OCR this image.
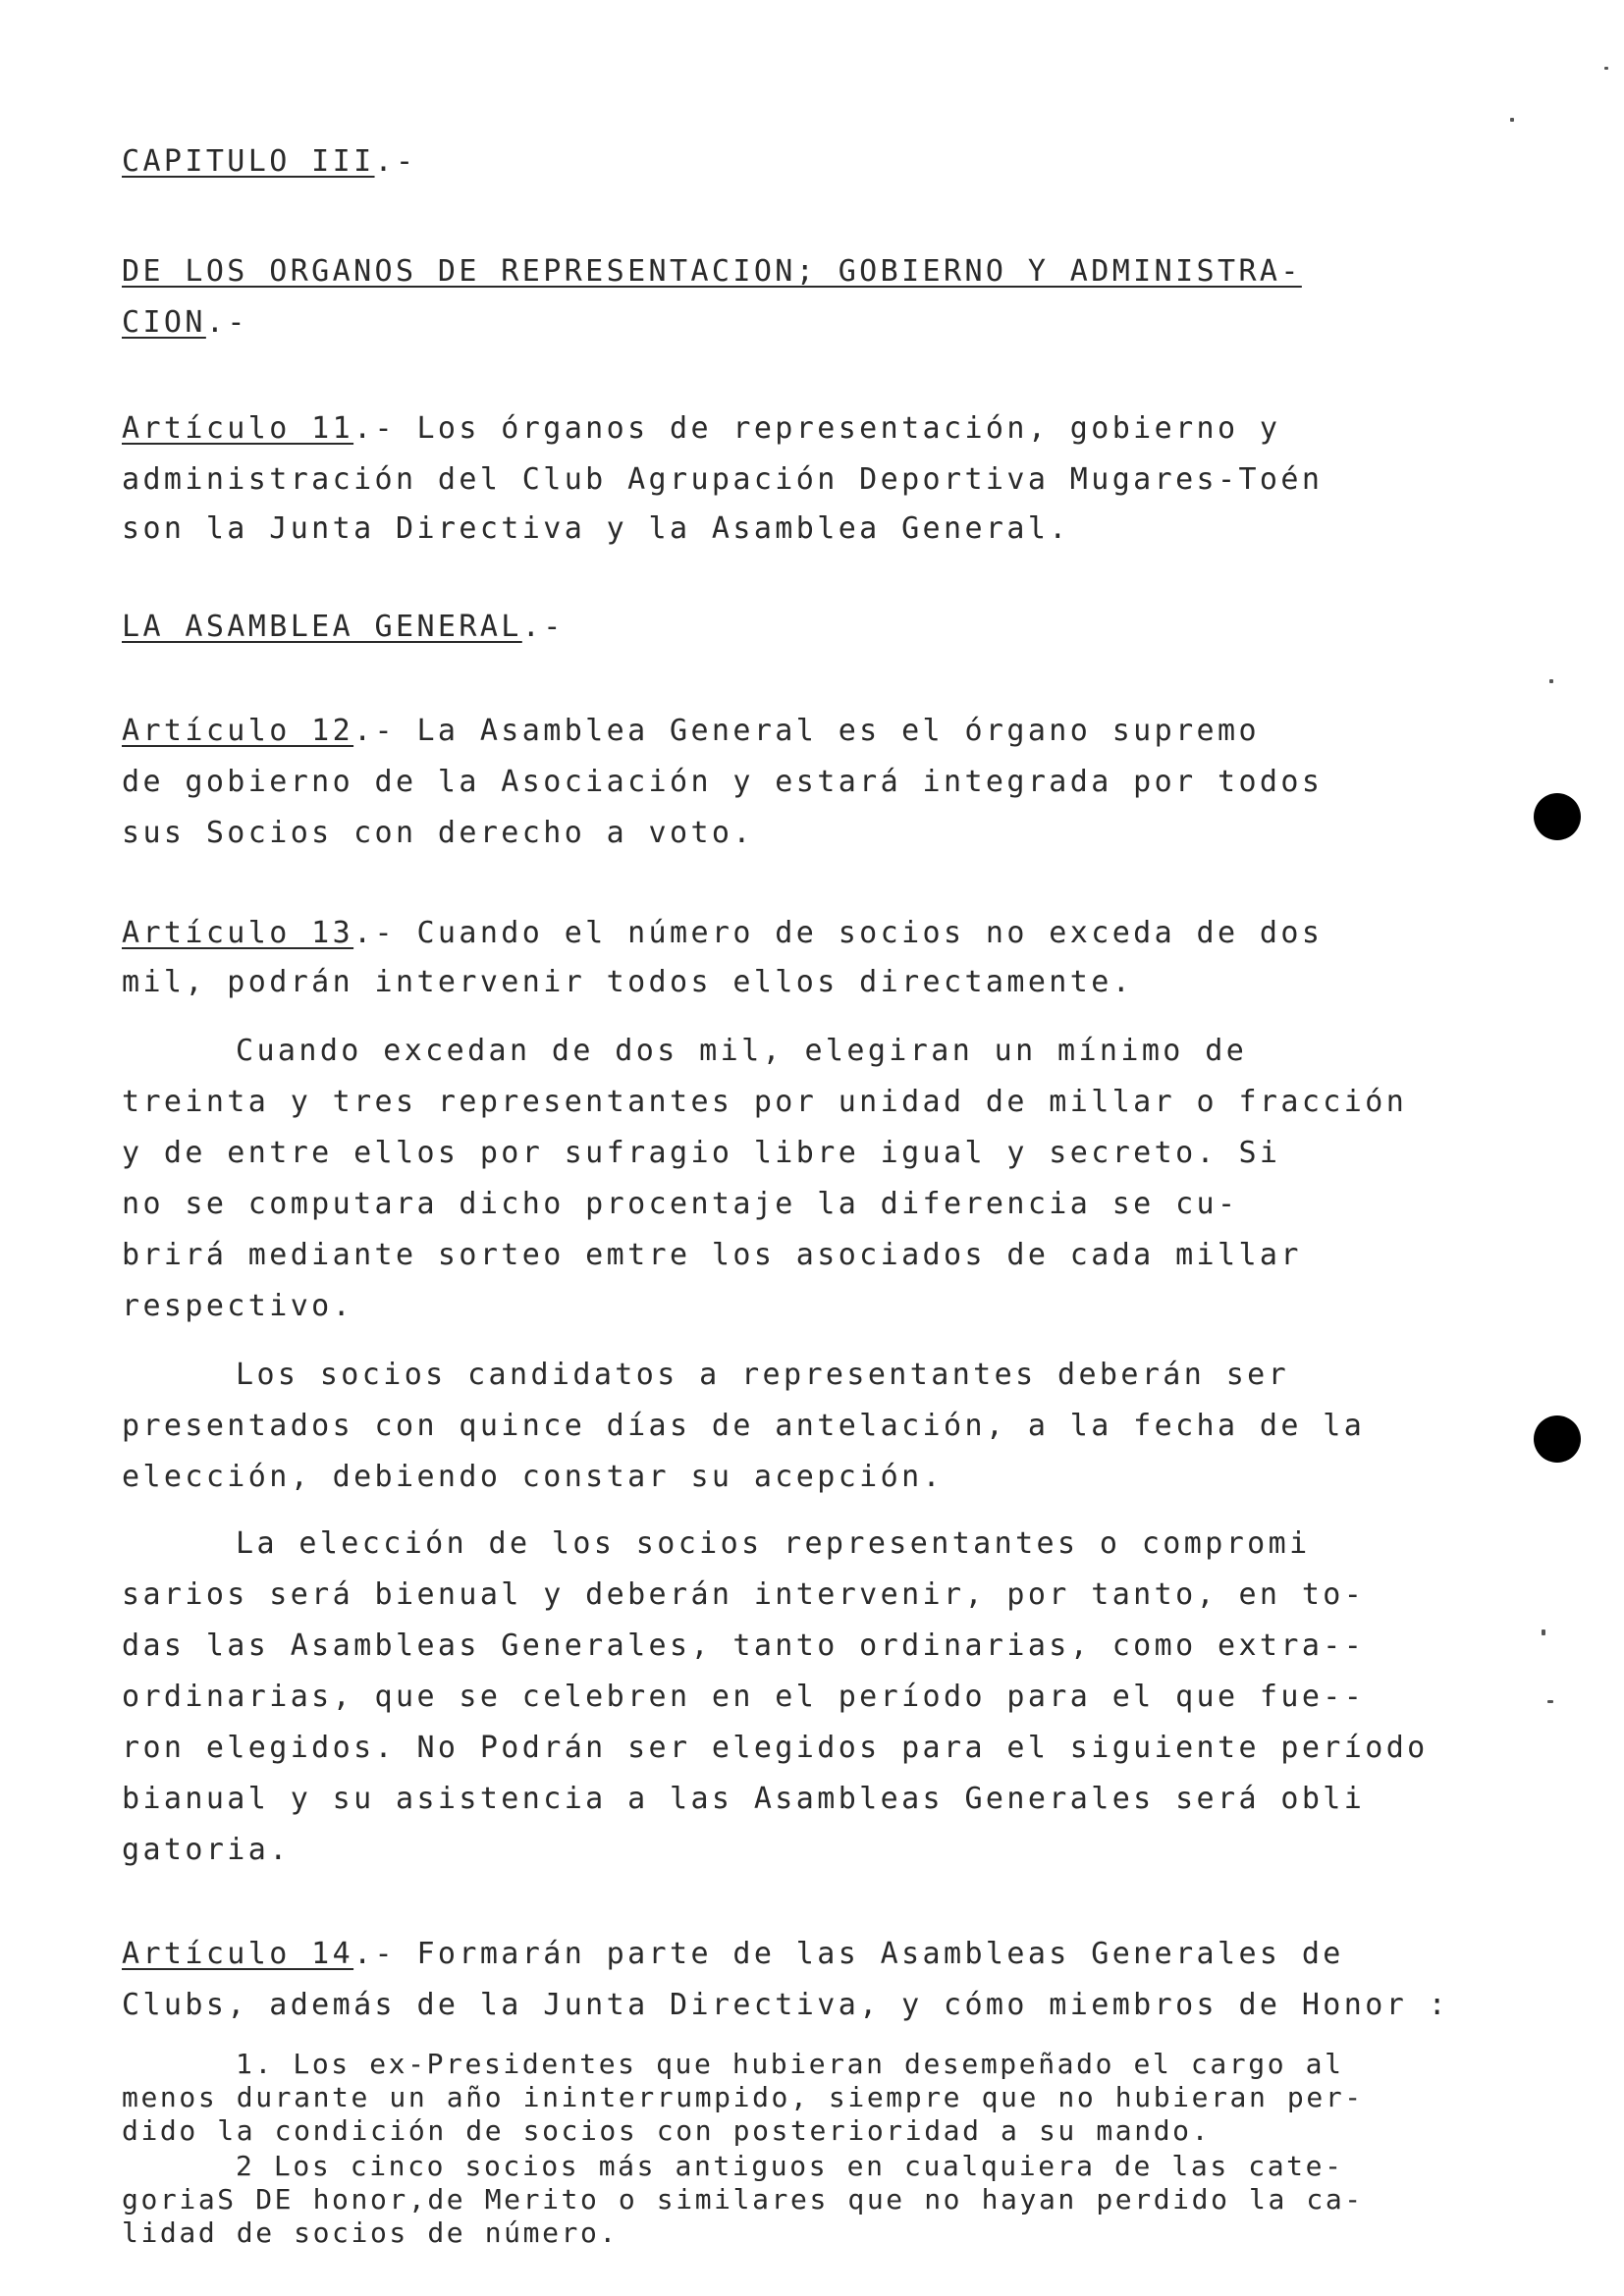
CAPITULO III.-
DE LOS ORGANOS DE REPRESENTACION; GOBIERNO Y ADMINISTRA-
CION.-
Artículo 11.- Los órganos de representación, gobierno y
administración del Club Agrupación Deportiva Mugares-Toén
son la Junta Directiva y la Asamblea General.
LA ASAMBLEA GENERAL.-
Artículo 12.- La Asamblea General es el órgano supremo
de gobierno de la Asociación y estará integrada por todos
sus Socios con derecho a voto.
Artículo 13.- Cuando el número de socios no exceda de dos
mil, podrán intervenir todos ellos directamente.
Cuando excedan de dos mil, elegiran un mínimo de
treinta y tres representantes por unidad de millar o fracción
y de entre ellos por sufragio libre igual y secreto. Si
no se computara dicho procentaje la diferencia se cu-
brirá mediante sorteo emtre los asociados de cada millar
respectivo.
Los socios candidatos a representantes deberán ser
presentados con quince días de antelación, a la fecha de la
elección, debiendo constar su acepción.
La elección de los socios representantes o compromi
sarios será bienual y deberán intervenir, por tanto, en to-
das las Asambleas Generales, tanto ordinarias, como extra--
ordinarias, que se celebren en el período para el que fue--
ron elegidos. No Podrán ser elegidos para el siguiente período
bianual y su asistencia a las Asambleas Generales será obli
gatoria.
Artículo 14.- Formarán parte de las Asambleas Generales de
Clubs, además de la Junta Directiva, y cómo miembros de Honor :
1. Los ex-Presidentes que hubieran desempeñado el cargo al
menos durante un año ininterrumpido, siempre que no hubieran per-
dido la condición de socios con posterioridad a su mando.
2 Los cinco socios más antiguos en cualquiera de las cate-
goriaS DE honor,de Merito o similares que no hayan perdido la ca-
lidad de socios de número.
